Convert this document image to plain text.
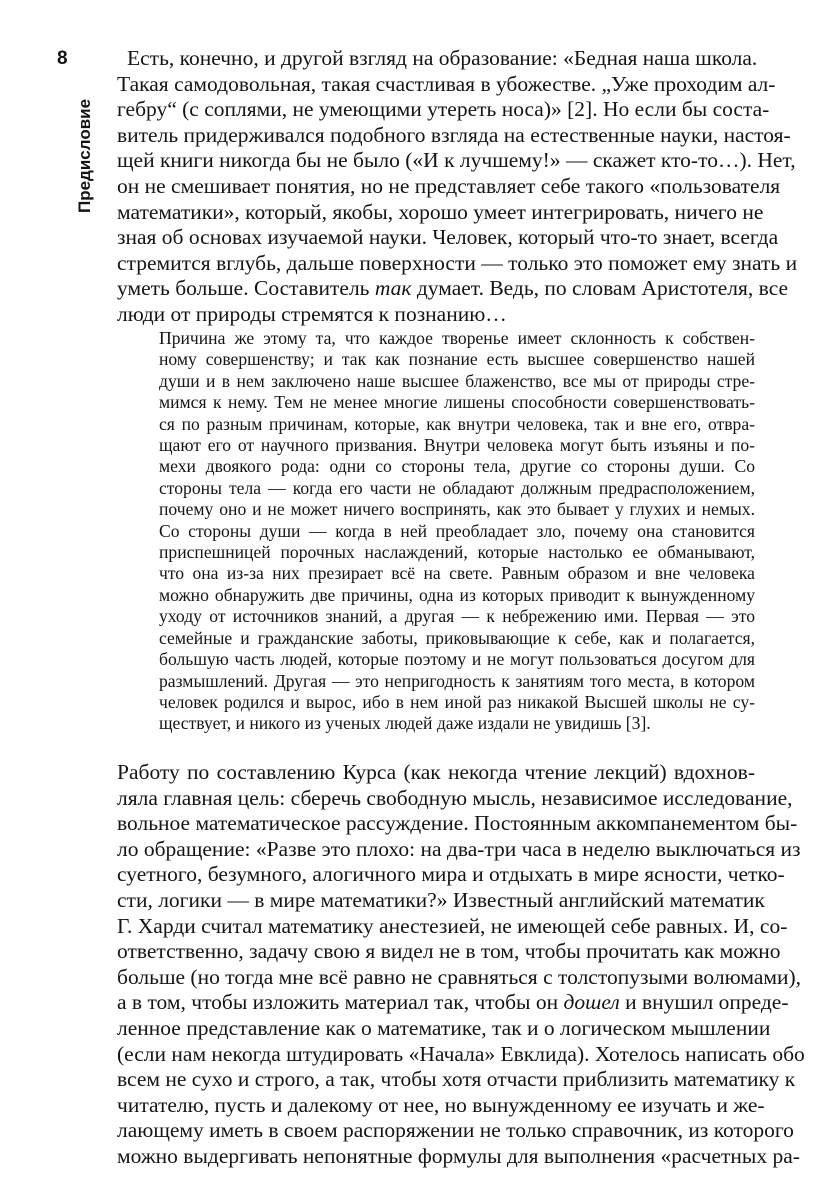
8
Предисловие
Есть, конечно, и другой взгляд на образование: «Бедная наша школа.
Такая самодовольная, такая счастливая в убожестве. „Уже проходим ал-
гебру“ (с соплями, не умеющими утереть носа)» [2]. Но если бы соста-
витель придерживался подобного взгляда на естественные науки, настоя-
щей книги никогда бы не было («И к лучшему!» — скажет кто-то…). Нет,
он не смешивает понятия, но не представляет себе такого «пользователя
математики», который, якобы, хорошо умеет интегрировать, ничего не
зная об основах изучаемой науки. Человек, который что-то знает, всегда
стремится вглубь, дальше поверхности — только это поможет ему знать и
уметь больше. Составитель так думает. Ведь, по словам Аристотеля, все
люди от природы стремятся к познанию…
Причина же этому та, что каждое творенье имеет склонность к собствен-
ному совершенству; и так как познание есть высшее совершенство нашей
души и в нем заключено наше высшее блаженство, все мы от природы стре-
мимся к нему. Тем не менее многие лишены способности совершенствовать-
ся по разным причинам, которые, как внутри человека, так и вне его, отвра-
щают его от научного призвания. Внутри человека могут быть изъяны и по-
мехи двоякого рода: одни со стороны тела, другие со стороны души. Со
стороны тела — когда его части не обладают должным предрасположением,
почему оно и не может ничего воспринять, как это бывает у глухих и немых.
Со стороны души — когда в ней преобладает зло, почему она становится
приспешницей порочных наслаждений, которые настолько ее обманывают,
что она из-за них презирает всё на свете. Равным образом и вне человека
можно обнаружить две причины, одна из которых приводит к вынужденному
уходу от источников знаний, а другая — к небрежению ими. Первая — это
семейные и гражданские заботы, приковывающие к себе, как и полагается,
большую часть людей, которые поэтому и не могут пользоваться досугом для
размышлений. Другая — это непригодность к занятиям того места, в котором
человек родился и вырос, ибо в нем иной раз никакой Высшей школы не су-
ществует, и никого из ученых людей даже издали не увидишь [3].
Работу по составлению Курса (как некогда чтение лекций) вдохнов-
ляла главная цель: сберечь свободную мысль, независимое исследование,
вольное математическое рассуждение. Постоянным аккомпанементом бы-
ло обращение: «Разве это плохо: на два-три часа в неделю выключаться из
суетного, безумного, алогичного мира и отдыхать в мире ясности, четко-
сти, логики — в мире математики?» Известный английский математик
Г. Харди считал математику анестезией, не имеющей себе равных. И, со-
ответственно, задачу свою я видел не в том, чтобы прочитать как можно
больше (но тогда мне всё равно не сравняться с толстопузыми волюмами),
а в том, чтобы изложить материал так, чтобы он дошел и внушил опреде-
ленное представление как о математике, так и о логическом мышлении
(если нам некогда штудировать «Начала» Евклида). Хотелось написать обо
всем не сухо и строго, а так, чтобы хотя отчасти приблизить математику к
читателю, пусть и далекому от нее, но вынужденному ее изучать и же-
лающему иметь в своем распоряжении не только справочник, из которого
можно выдергивать непонятные формулы для выполнения «расчетных ра-
